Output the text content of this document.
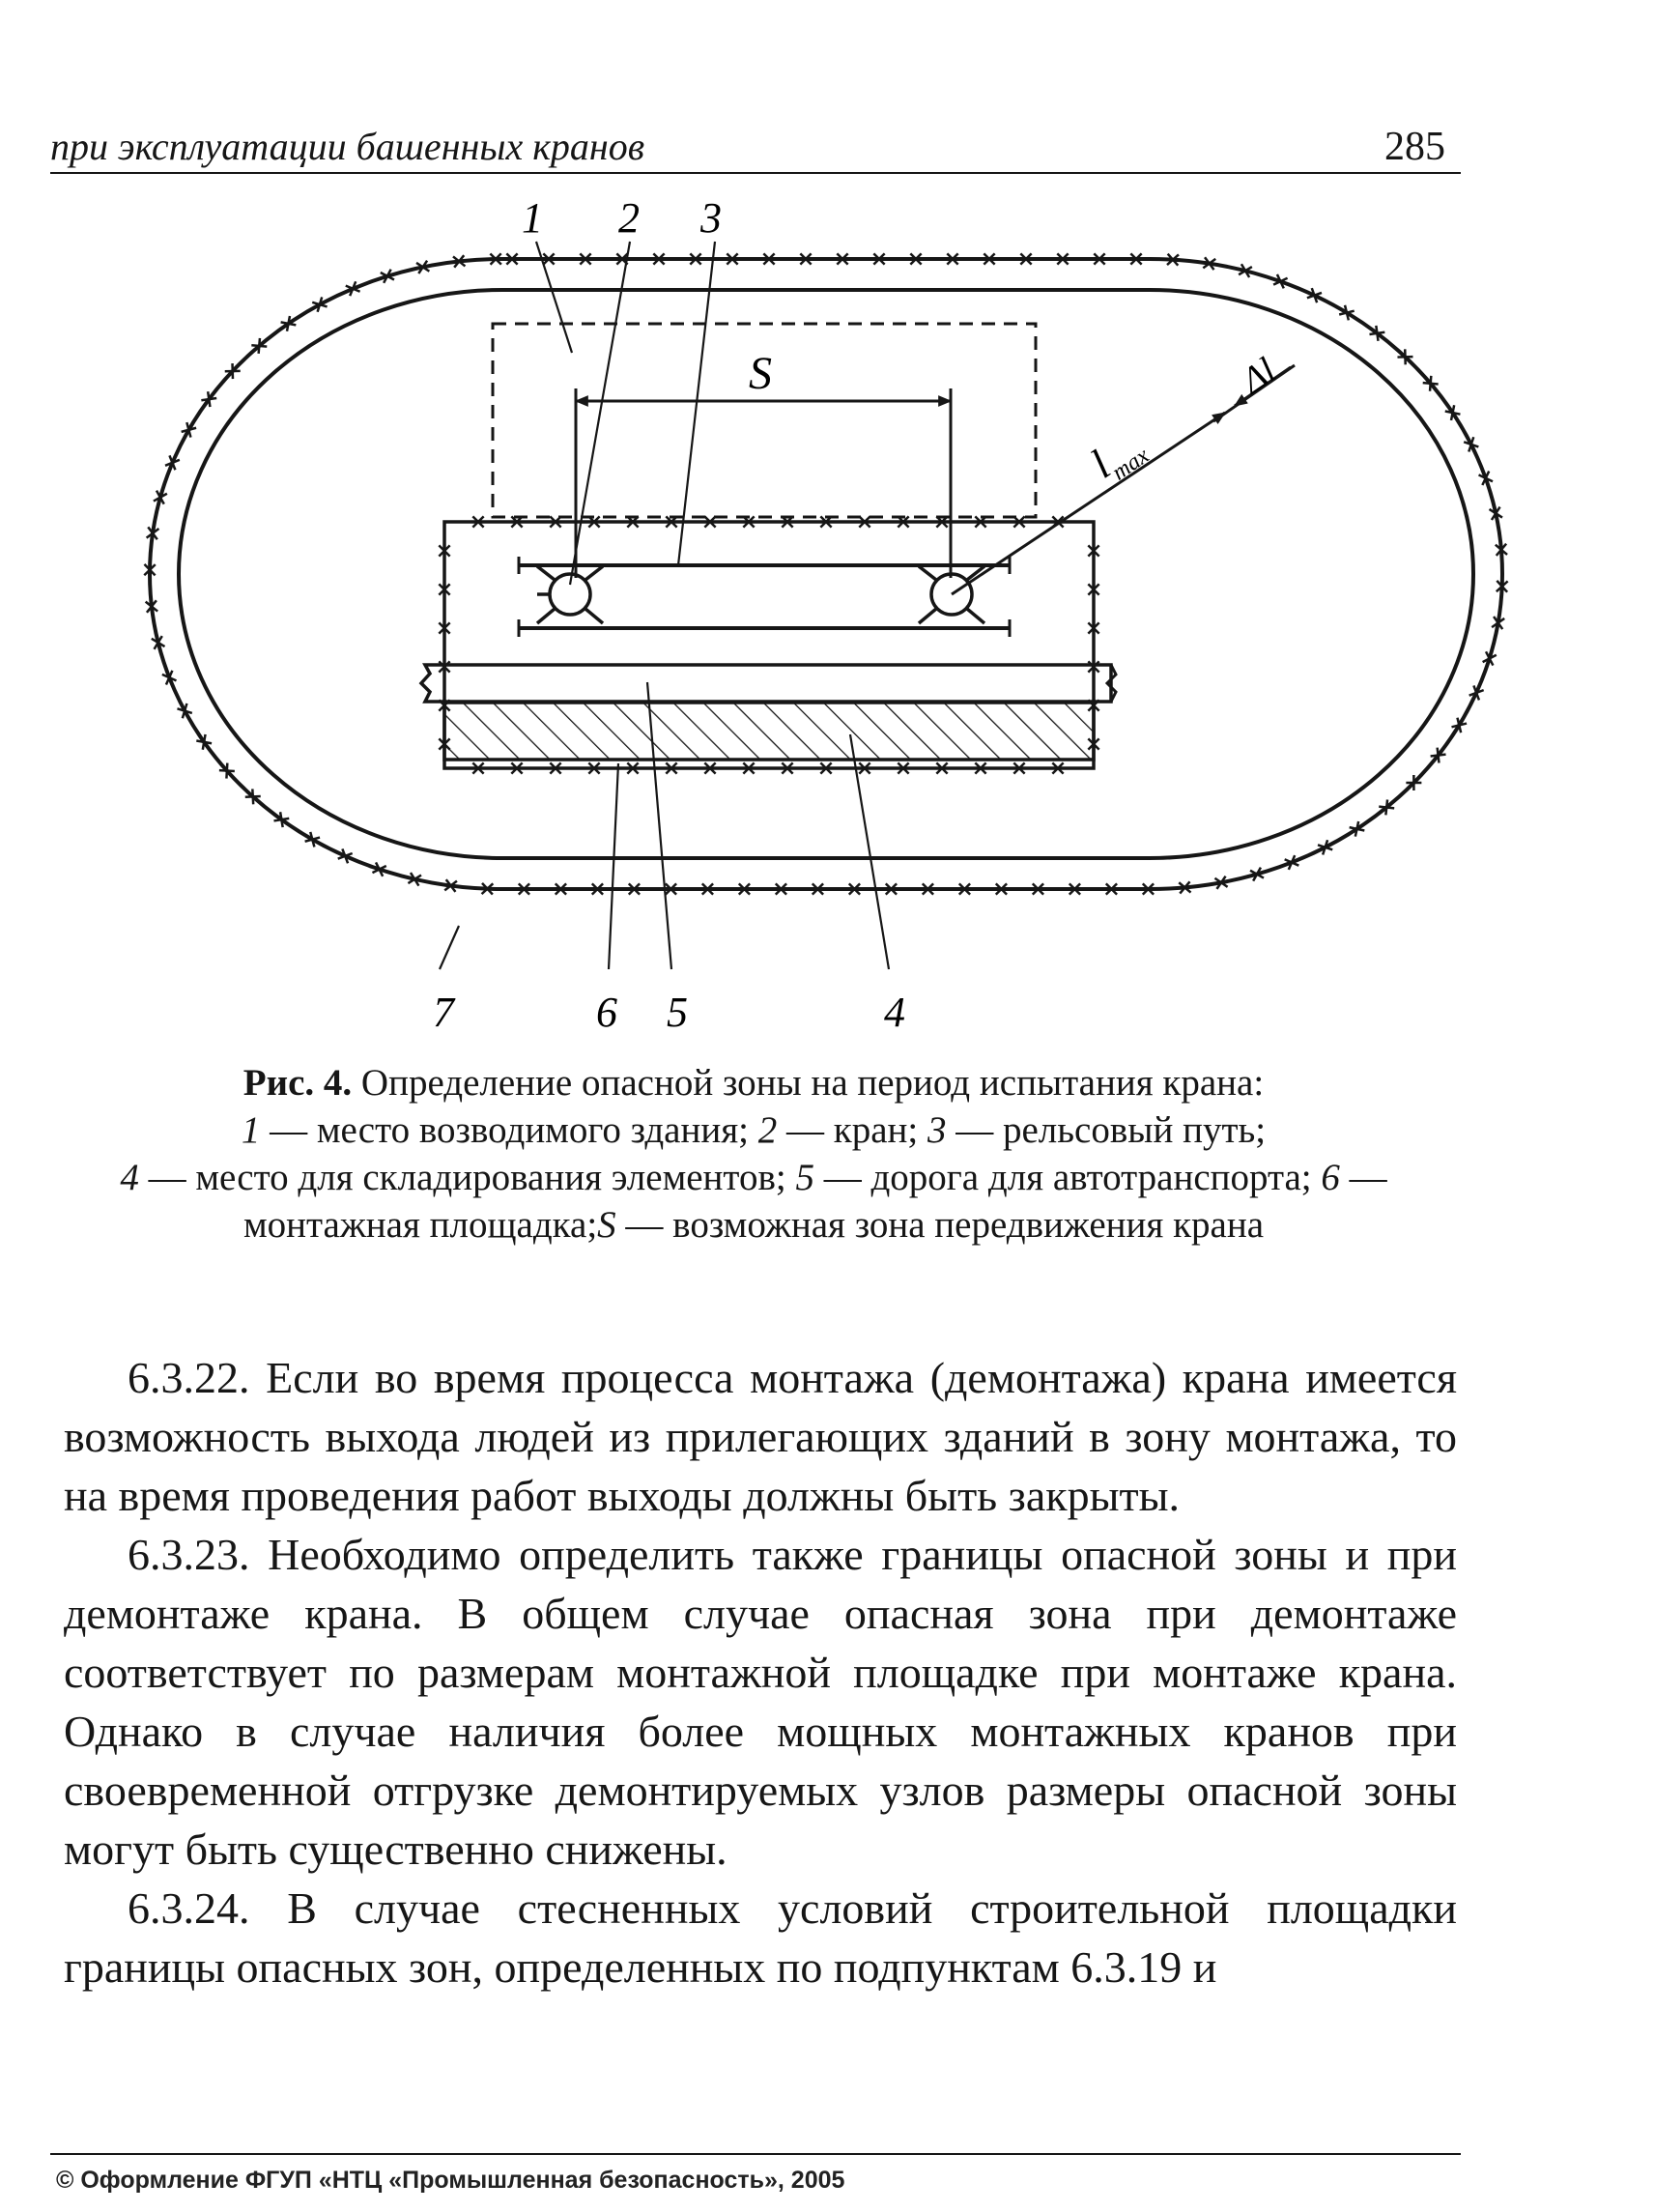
при эксплуатации башенных кранов	285
1 2 3
7	6 5	4
S
$l_{max}$
Δl
Рис. 4. Определение опасной зоны на период испытания крана:
1 — место возводимого здания; 2 — кран; 3 — рельсовый путь;
4 — место для складирования элементов; 5 — дорога для автотранспорта; 6 — монтажная площадка;S — возможная зона передвижения крана

6.3.22. Если во время процесса монтажа (демонтажа) крана имеется возможность выхода людей из прилегающих зданий в зону монтажа, то на время проведения работ выходы должны быть закрыты.

6.3.23. Необходимо определить также границы опасной зоны и при демонтаже крана. В общем случае опасная зона при демонтаже соответствует по размерам монтажной площадке при монтаже крана. Однако в случае наличия более мощных монтажных кранов при своевременной отгрузке демонтируемых узлов размеры опасной зоны могут быть существенно снижены.

6.3.24. В случае стесненных условий строительной площадки границы опасных зон, определенных по подпунктам 6.3.19 и

© Оформление ФГУП «НТЦ «Промышленная безопасность», 2005
